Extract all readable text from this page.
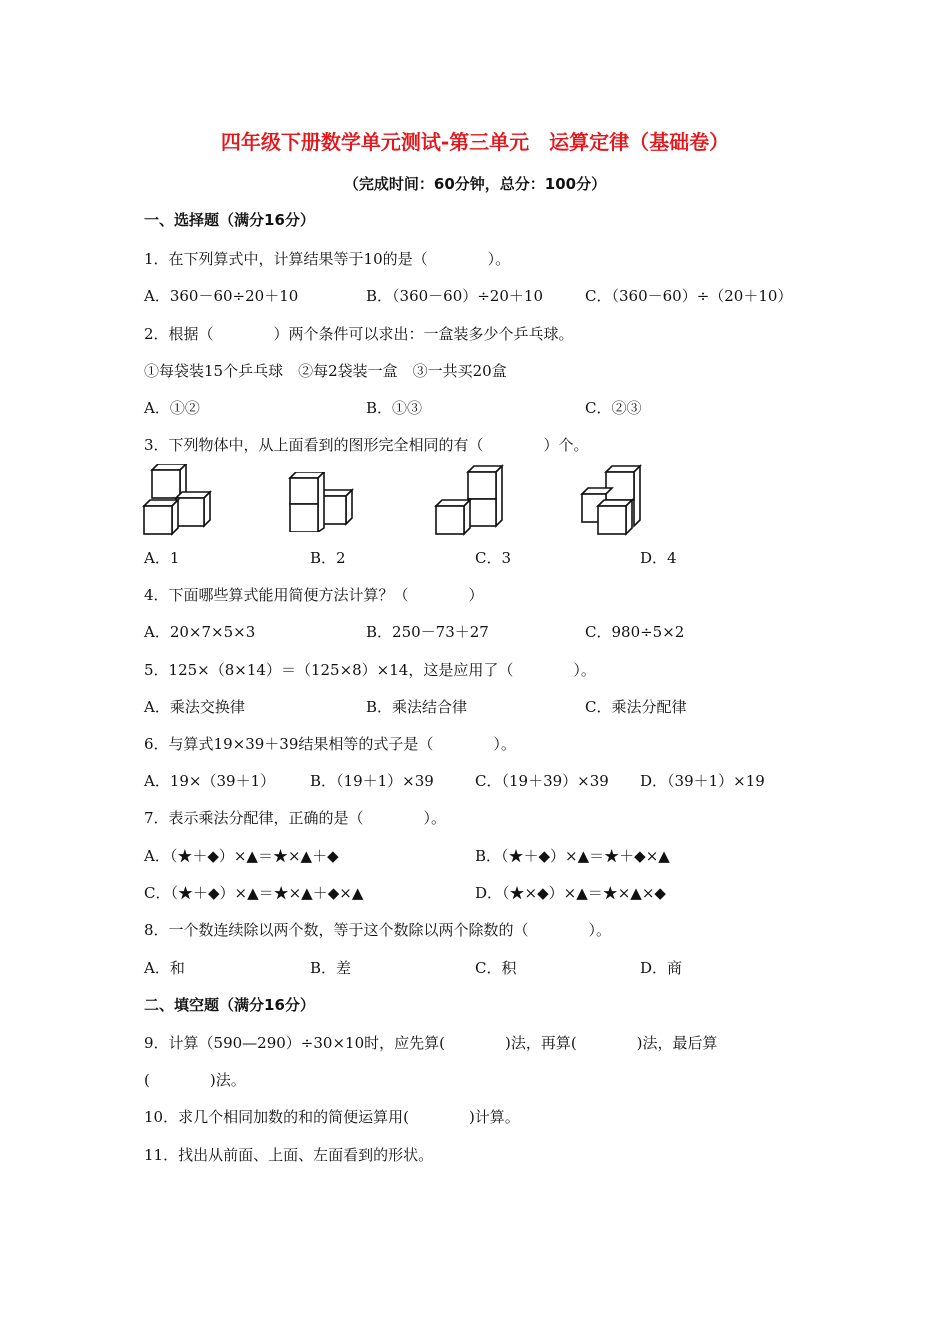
四年级下册数学单元测试-第三单元　运算定律（基础卷）
（完成时间：60分钟，总分：100分）
一、选择题（满分16分）
1．在下列算式中，计算结果等于10的是（　　　　）。
A．360－60÷20＋10	B．（360－60）÷20＋10	C．（360－60）÷（20＋10）
2．根据（　　　　）两个条件可以求出：一盒装多少个乒乓球。
①每袋装15个乒乓球　②每2袋装一盒　③一共买20盒
A．①②	B．①③	C．②③
3．下列物体中，从上面看到的图形完全相同的有（　　　　）个。
A．1	B．2	C．3	D．4
4．下面哪些算式能用简便方法计算？（　　　　）
A．20×7×5×3	B．250－73＋27	C．980÷5×2
5．125×（8×14）＝（125×8）×14，这是应用了（　　　　）。
A．乘法交换律	B．乘法结合律	C．乘法分配律
6．与算式19×39＋39结果相等的式子是（　　　　）。
A．19×（39＋1） B．（19＋1）×39	C．（19＋39）×39 D．（39＋1）×19
7．表示乘法分配律，正确的是（　　　　）。
A．（★＋◆）×▲＝★×▲＋◆	B．（★＋◆）×▲＝★＋◆×▲
C．（★＋◆）×▲＝★×▲＋◆×▲	D．（★×◆）×▲＝★×▲×◆
8．一个数连续除以两个数，等于这个数除以两个除数的（　　　　）。
A．和	B．差	C．积	D．商
二、填空题（满分16分）
9．计算（590—290）÷30×10时，应先算(　　　　)法，再算(　　　　)法，最后算
(　　　　)法。
10．求几个相同加数的和的简便运算用(　　　　)计算。
11．找出从前面、上面、左面看到的形状。
